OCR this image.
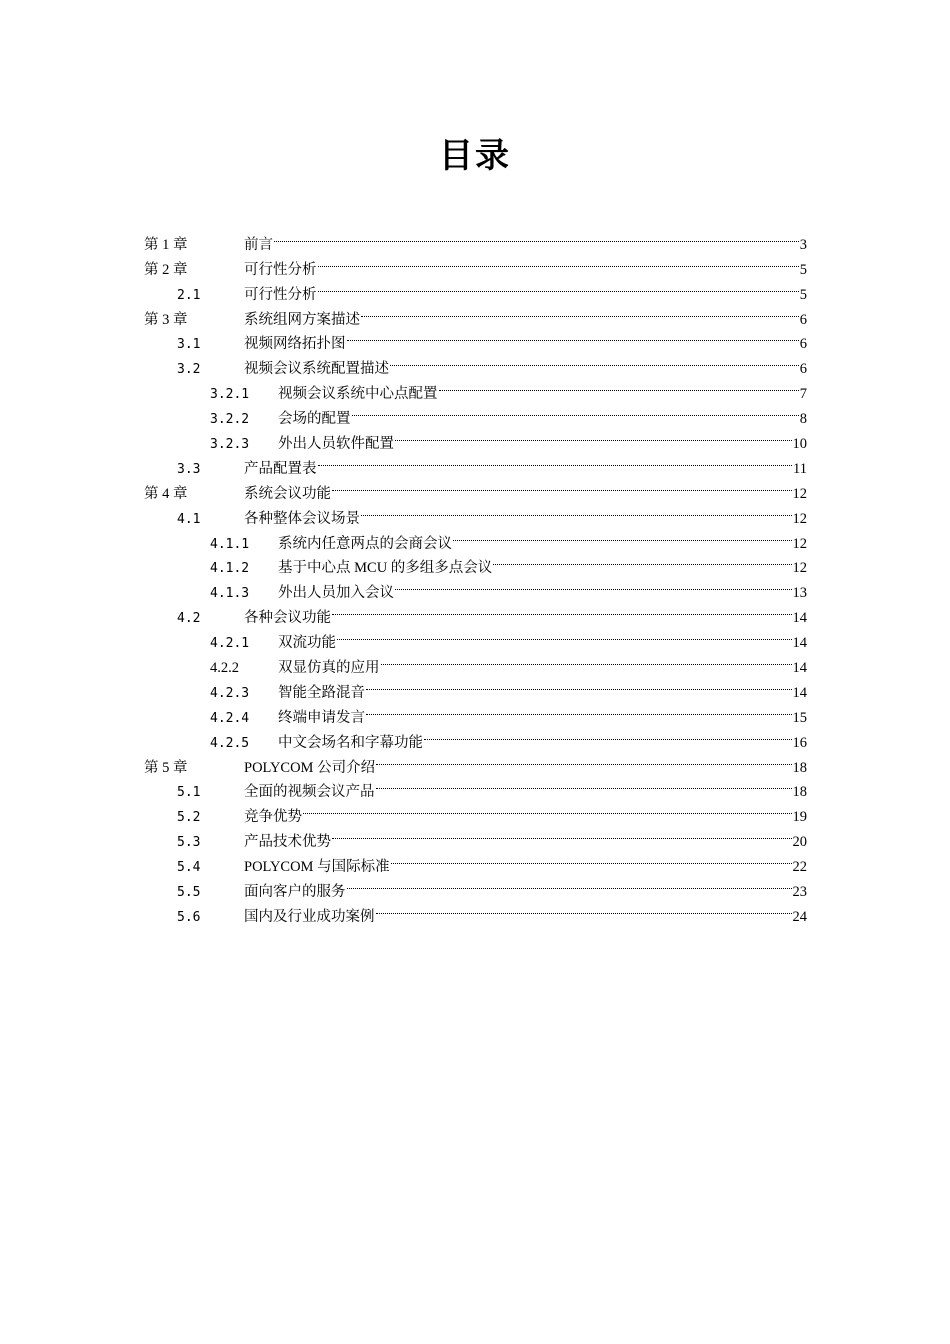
目录
第 1 章	前言	3
第 2 章	可行性分析	5
2.1	可行性分析	5
第 3 章	系统组网方案描述	6
3.1	视频网络拓扑图	6
3.2	视频会议系统配置描述	6
3.2.1	视频会议系统中心点配置	7
3.2.2	会场的配置	8
3.2.3	外出人员软件配置	10
3.3	产品配置表	11
第 4 章	系统会议功能	12
4.1	各种整体会议场景	12
4.1.1	系统内任意两点的会商会议	12
4.1.2	基于中心点 MCU 的多组多点会议	12
4.1.3	外出人员加入会议	13
4.2	各种会议功能	14
4.2.1	双流功能	14
4.2.2	双显仿真的应用	14
4.2.3	智能全路混音	14
4.2.4	终端申请发言	15
4.2.5	中文会场名和字幕功能	16
第 5 章	POLYCOM 公司介绍	18
5.1	全面的视频会议产品	18
5.2	竞争优势	19
5.3	产品技术优势	20
5.4	POLYCOM 与国际标准	22
5.5	面向客户的服务	23
5.6	国内及行业成功案例	24
